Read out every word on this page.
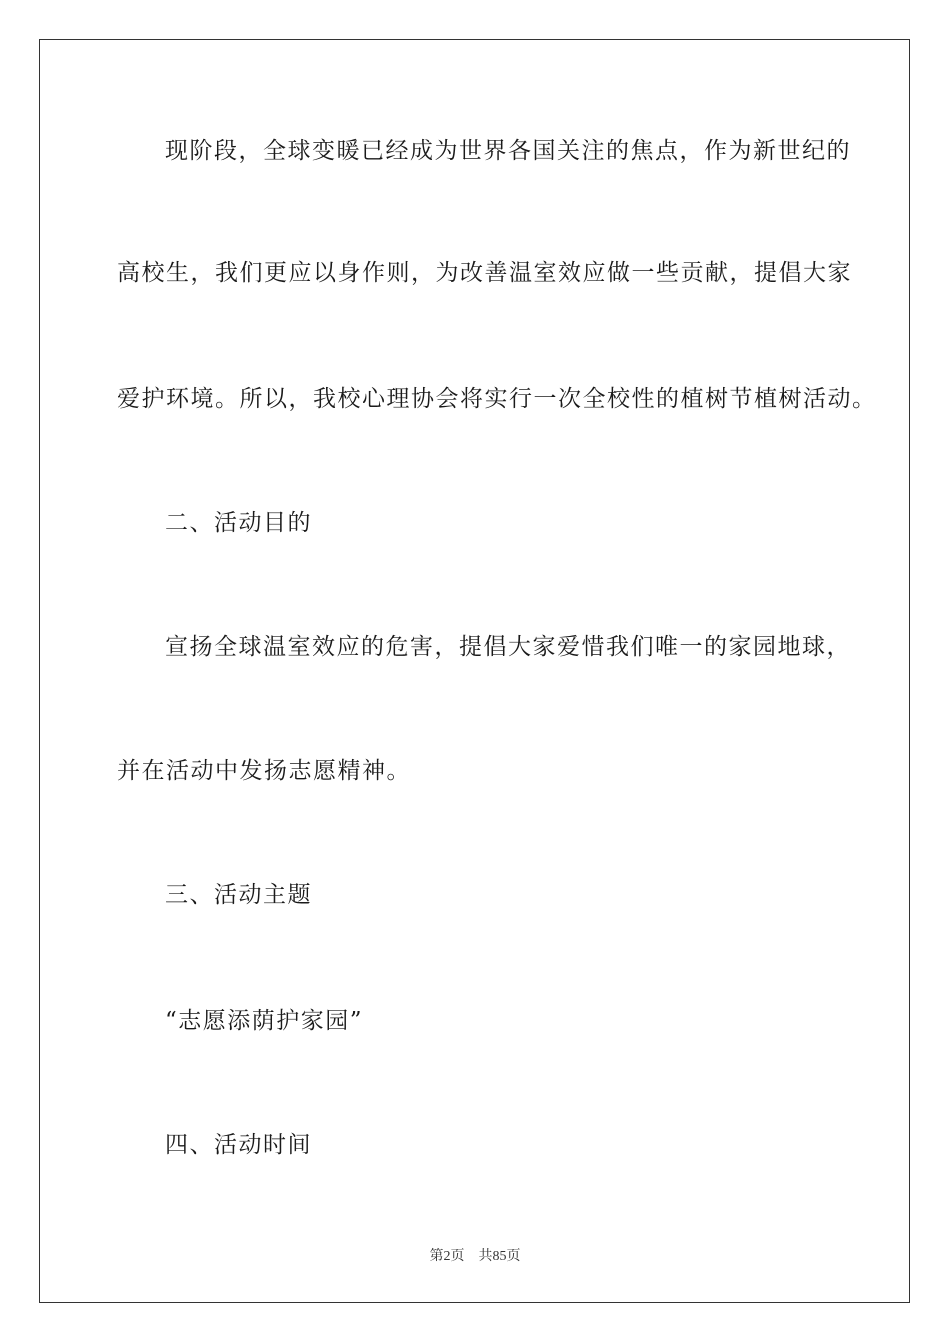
现阶段，全球变暖已经成为世界各国关注的焦点，作为新世纪的
高校生，我们更应以身作则，为改善温室效应做一些贡献，提倡大家
爱护环境。所以，我校心理协会将实行一次全校性的植树节植树活动。
二、活动目的
宣扬全球温室效应的危害，提倡大家爱惜我们唯一的家园地球，
并在活动中发扬志愿精神。
三、活动主题
“志愿添荫护家园”
四、活动时间
第2页 共85页
